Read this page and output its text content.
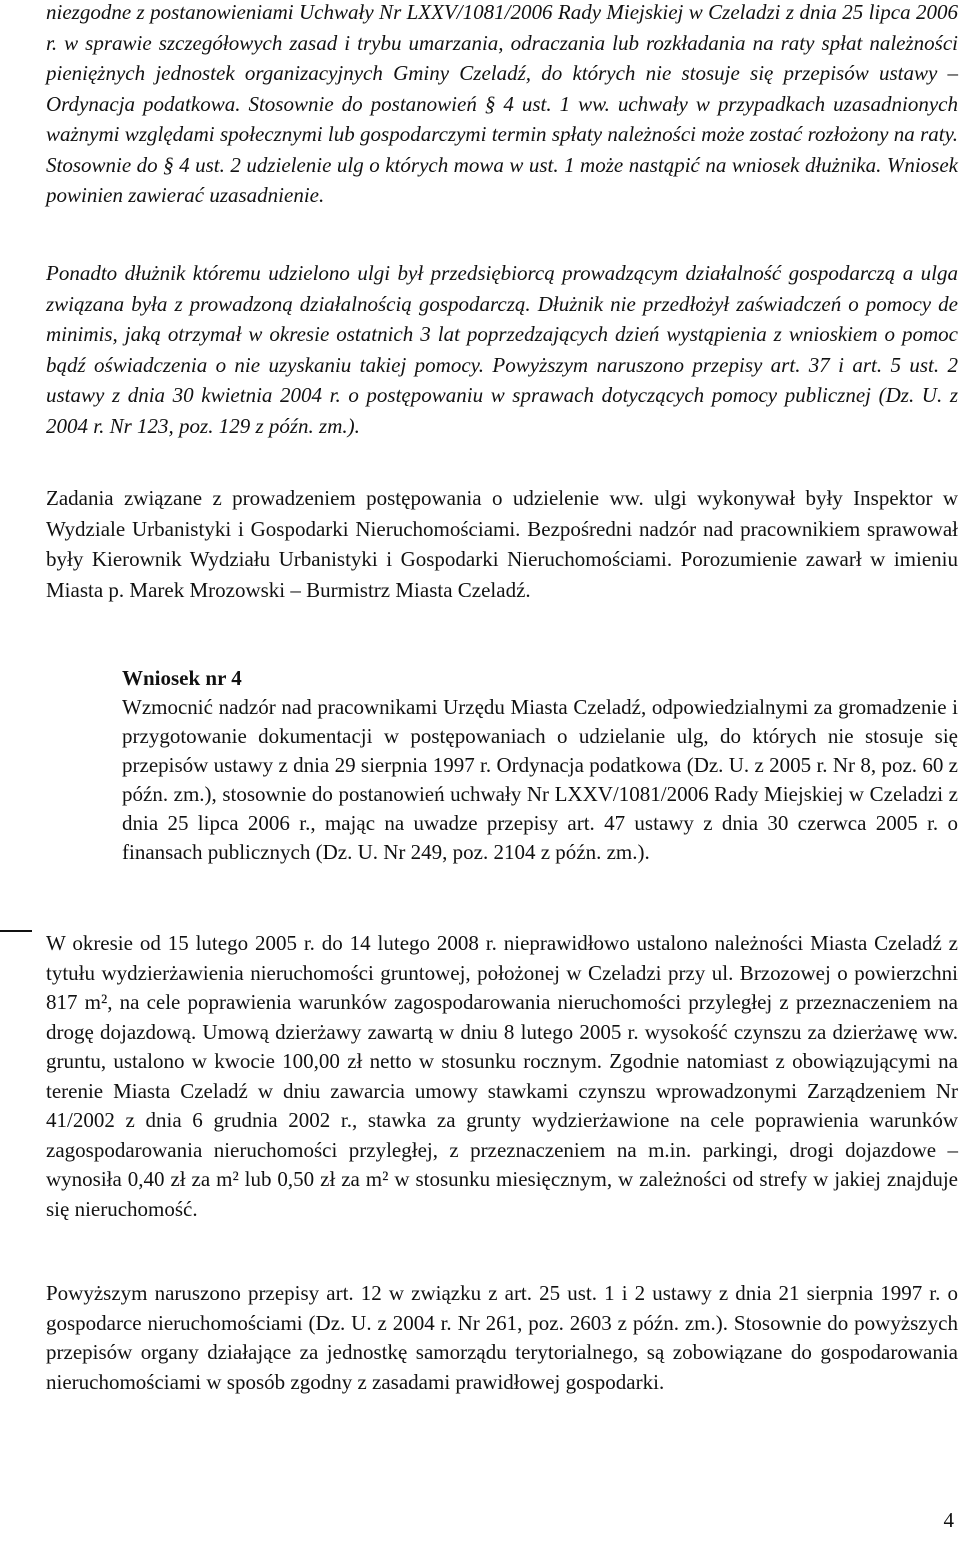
niezgodne z postanowieniami Uchwały Nr LXXV/1081/2006 Rady Miejskiej w Czeladzi z dnia 25 lipca 2006 r. w sprawie szczegółowych zasad i trybu umarzania, odraczania lub rozkładania na raty spłat należności pieniężnych jednostek organizacyjnych Gminy Czeladź, do których nie stosuje się przepisów ustawy – Ordynacja podatkowa. Stosownie do postanowień § 4 ust. 1 ww. uchwały w przypadkach uzasadnionych ważnymi względami społecznymi lub gospodarczymi termin spłaty należności może zostać rozłożony na raty. Stosownie do § 4 ust. 2 udzielenie ulg o których mowa w ust. 1 może nastąpić na wniosek dłużnika. Wniosek powinien zawierać uzasadnienie.

Ponadto dłużnik któremu udzielono ulgi był przedsiębiorcą prowadzącym działalność gospodarczą a ulga związana była z prowadzoną działalnością gospodarczą. Dłużnik nie przedłożył zaświadczeń o pomocy de minimis, jaką otrzymał w okresie ostatnich 3 lat poprzedzających dzień wystąpienia z wnioskiem o pomoc bądź oświadczenia o nie uzyskaniu takiej pomocy. Powyższym naruszono przepisy art. 37 i art. 5 ust. 2 ustawy z dnia 30 kwietnia 2004 r. o postępowaniu w sprawach dotyczących pomocy publicznej (Dz. U. z 2004 r. Nr 123, poz. 129 z późn. zm.).

Zadania związane z prowadzeniem postępowania o udzielenie ww. ulgi wykonywał były Inspektor w Wydziale Urbanistyki i Gospodarki Nieruchomościami. Bezpośredni nadzór nad pracownikiem sprawował były Kierownik Wydziału Urbanistyki i Gospodarki Nieruchomościami. Porozumienie zawarł w imieniu Miasta p. Marek Mrozowski – Burmistrz Miasta Czeladź.

Wniosek nr 4

Wzmocnić nadzór nad pracownikami Urzędu Miasta Czeladź, odpowiedzialnymi za gromadzenie i przygotowanie dokumentacji w postępowaniach o udzielanie ulg, do których nie stosuje się przepisów ustawy z dnia 29 sierpnia 1997 r. Ordynacja podatkowa (Dz. U. z 2005 r. Nr 8, poz. 60 z późn. zm.), stosownie do postanowień uchwały Nr LXXV/1081/2006 Rady Miejskiej w Czeladzi z dnia 25 lipca 2006 r., mając na uwadze przepisy art. 47 ustawy z dnia 30 czerwca 2005 r. o finansach publicznych (Dz. U. Nr 249, poz. 2104 z późn. zm.).

W okresie od 15 lutego 2005 r. do 14 lutego 2008 r. nieprawidłowo ustalono należności Miasta Czeladź z tytułu wydzierżawienia nieruchomości gruntowej, położonej w Czeladzi przy ul. Brzozowej o powierzchni 817 m², na cele poprawienia warunków zagospodarowania nieruchomości przyległej z przeznaczeniem na drogę dojazdową. Umową dzierżawy zawartą w dniu 8 lutego 2005 r. wysokość czynszu za dzierżawę ww. gruntu, ustalono w kwocie 100,00 zł netto w stosunku rocznym. Zgodnie natomiast z obowiązującymi na terenie Miasta Czeladź w dniu zawarcia umowy stawkami czynszu wprowadzonymi Zarządzeniem Nr 41/2002 z dnia 6 grudnia 2002 r., stawka za grunty wydzierżawione na cele poprawienia warunków zagospodarowania nieruchomości przyległej, z przeznaczeniem na m.in. parkingi, drogi dojazdowe – wynosiła 0,40 zł za m² lub 0,50 zł za m² w stosunku miesięcznym, w zależności od strefy w jakiej znajduje się nieruchomość.

Powyższym naruszono przepisy art. 12 w związku z art. 25 ust. 1 i 2 ustawy z dnia 21 sierpnia 1997 r. o gospodarce nieruchomościami (Dz. U. z 2004 r. Nr 261, poz. 2603 z późn. zm.). Stosownie do powyższych przepisów organy działające za jednostkę samorządu terytorialnego, są zobowiązane do gospodarowania nieruchomościami w sposób zgodny z zasadami prawidłowej gospodarki.

4
